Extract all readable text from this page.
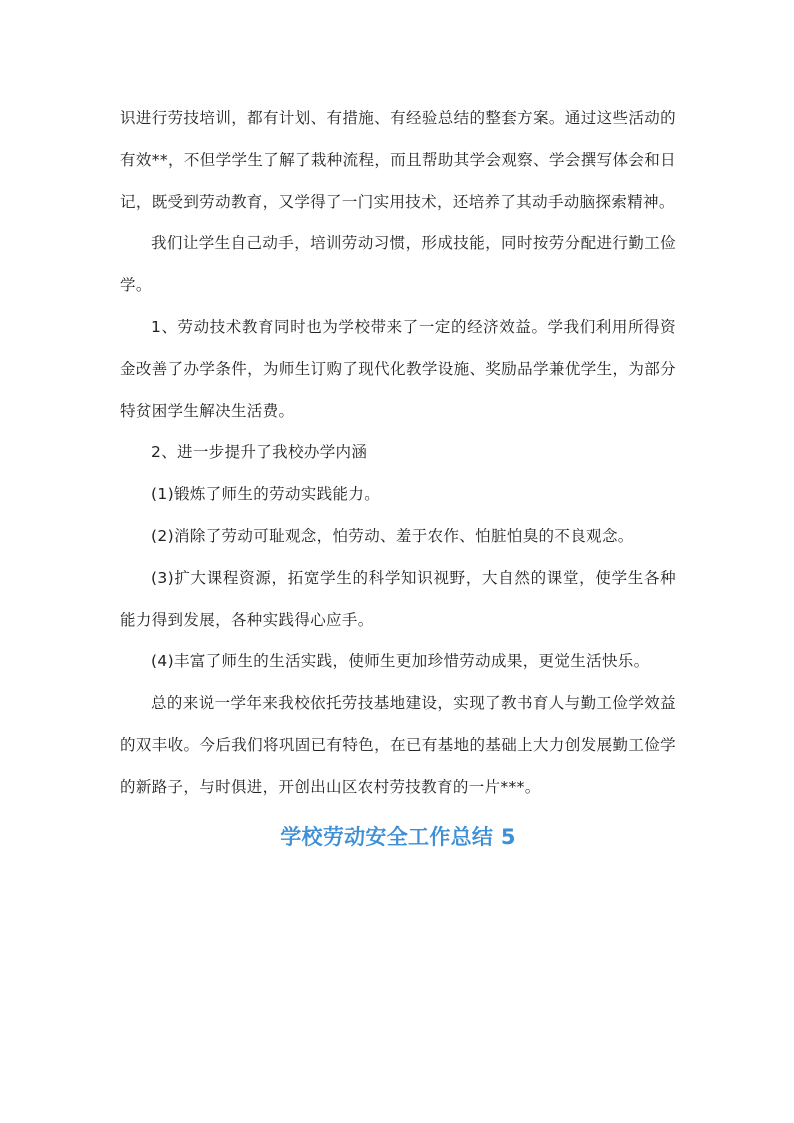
识进行劳技培训，都有计划、有措施、有经验总结的整套方案。通过这些活动的有效**，不但学学生了解了栽种流程，而且帮助其学会观察、学会撰写体会和日记，既受到劳动教育，又学得了一门实用技术，还培养了其动手动脑探索精神。

我们让学生自己动手，培训劳动习惯，形成技能，同时按劳分配进行勤工俭学。

1、劳动技术教育同时也为学校带来了一定的经济效益。学我们利用所得资金改善了办学条件，为师生订购了现代化教学设施、奖励品学兼优学生，为部分特贫困学生解决生活费。

2、进一步提升了我校办学内涵

(1)锻炼了师生的劳动实践能力。

(2)消除了劳动可耻观念，怕劳动、羞于农作、怕脏怕臭的不良观念。

(3)扩大课程资源，拓宽学生的科学知识视野，大自然的课堂，使学生各种能力得到发展，各种实践得心应手。

(4)丰富了师生的生活实践，使师生更加珍惜劳动成果，更觉生活快乐。

总的来说一学年来我校依托劳技基地建设，实现了教书育人与勤工俭学效益的双丰收。今后我们将巩固已有特色，在已有基地的基础上大力创发展勤工俭学的新路子，与时俱进，开创出山区农村劳技教育的一片***。

学校劳动安全工作总结 5
